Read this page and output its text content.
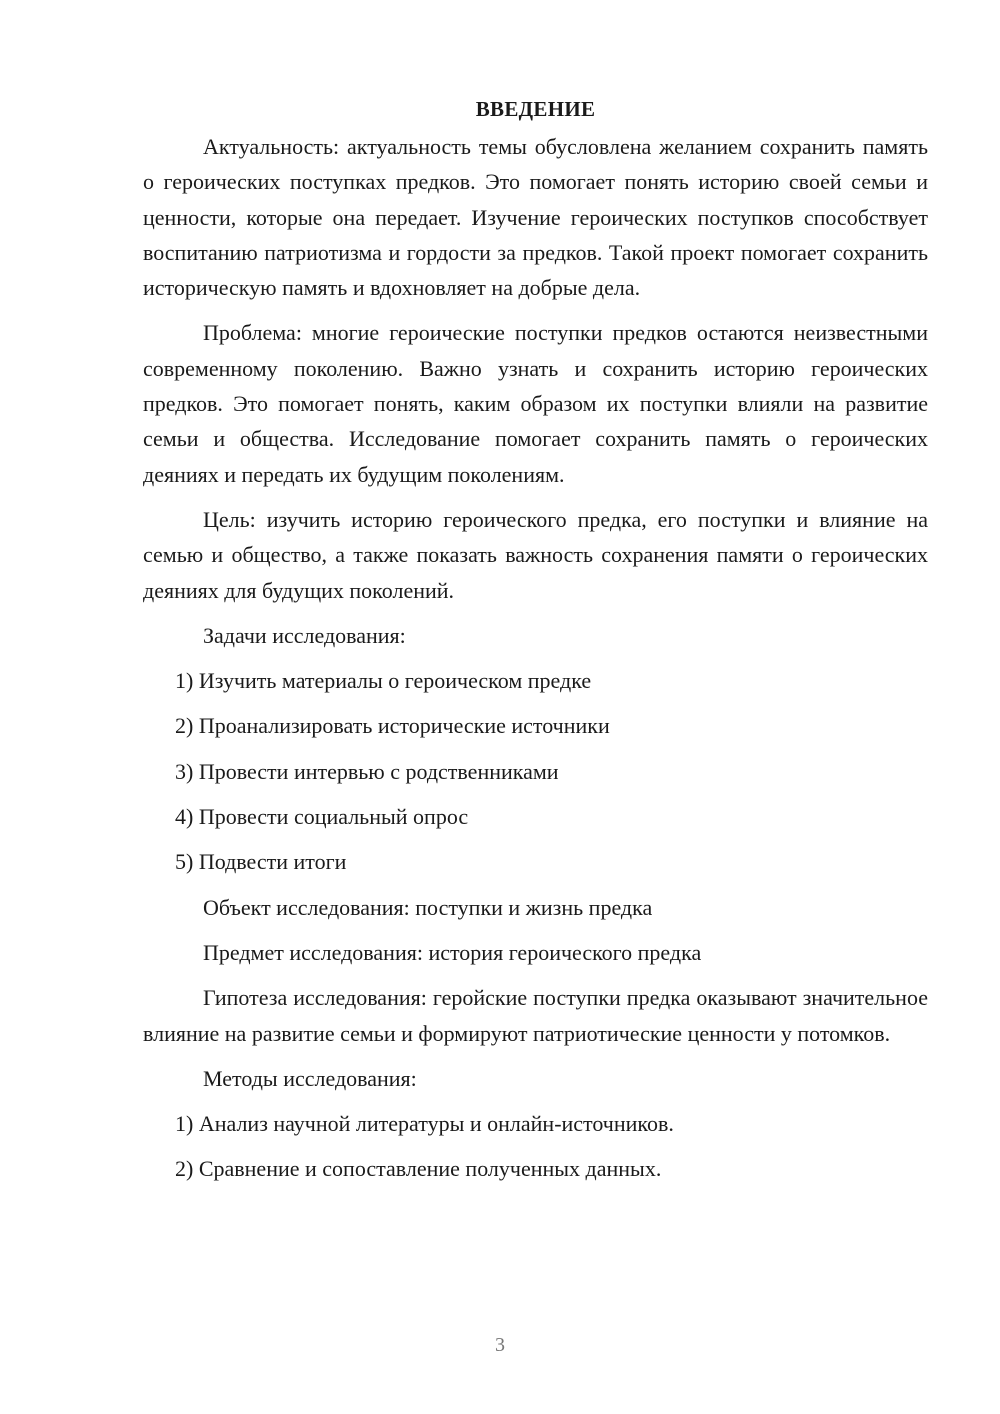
ВВЕДЕНИЕ

Актуальность: актуальность темы обусловлена желанием сохранить память о героических поступках предков. Это помогает понять историю своей семьи и ценности, которые она передает. Изучение героических поступков способствует воспитанию патриотизма и гордости за предков. Такой проект помогает сохранить историческую память и вдохновляет на добрые дела.

Проблема: многие героические поступки предков остаются неизвестными современному поколению. Важно узнать и сохранить историю героических предков. Это помогает понять, каким образом их поступки влияли на развитие семьи и общества. Исследование помогает сохранить память о героических деяниях и передать их будущим поколениям.

Цель: изучить историю героического предка, его поступки и влияние на семью и общество, а также показать важность сохранения памяти о героических деяниях для будущих поколений.

Задачи исследования:
1) Изучить материалы о героическом предке
2) Проанализировать исторические источники
3) Провести интервью с родственниками
4) Провести социальный опрос
5) Подвести итоги
Объект исследования: поступки и жизнь предка
Предмет исследования: история героического предка

Гипотеза исследования: геройские поступки предка оказывают значительное влияние на развитие семьи и формируют патриотические ценности у потомков.

Методы исследования:
1) Анализ научной литературы и онлайн-источников.
2) Сравнение и сопоставление полученных данных.
3
